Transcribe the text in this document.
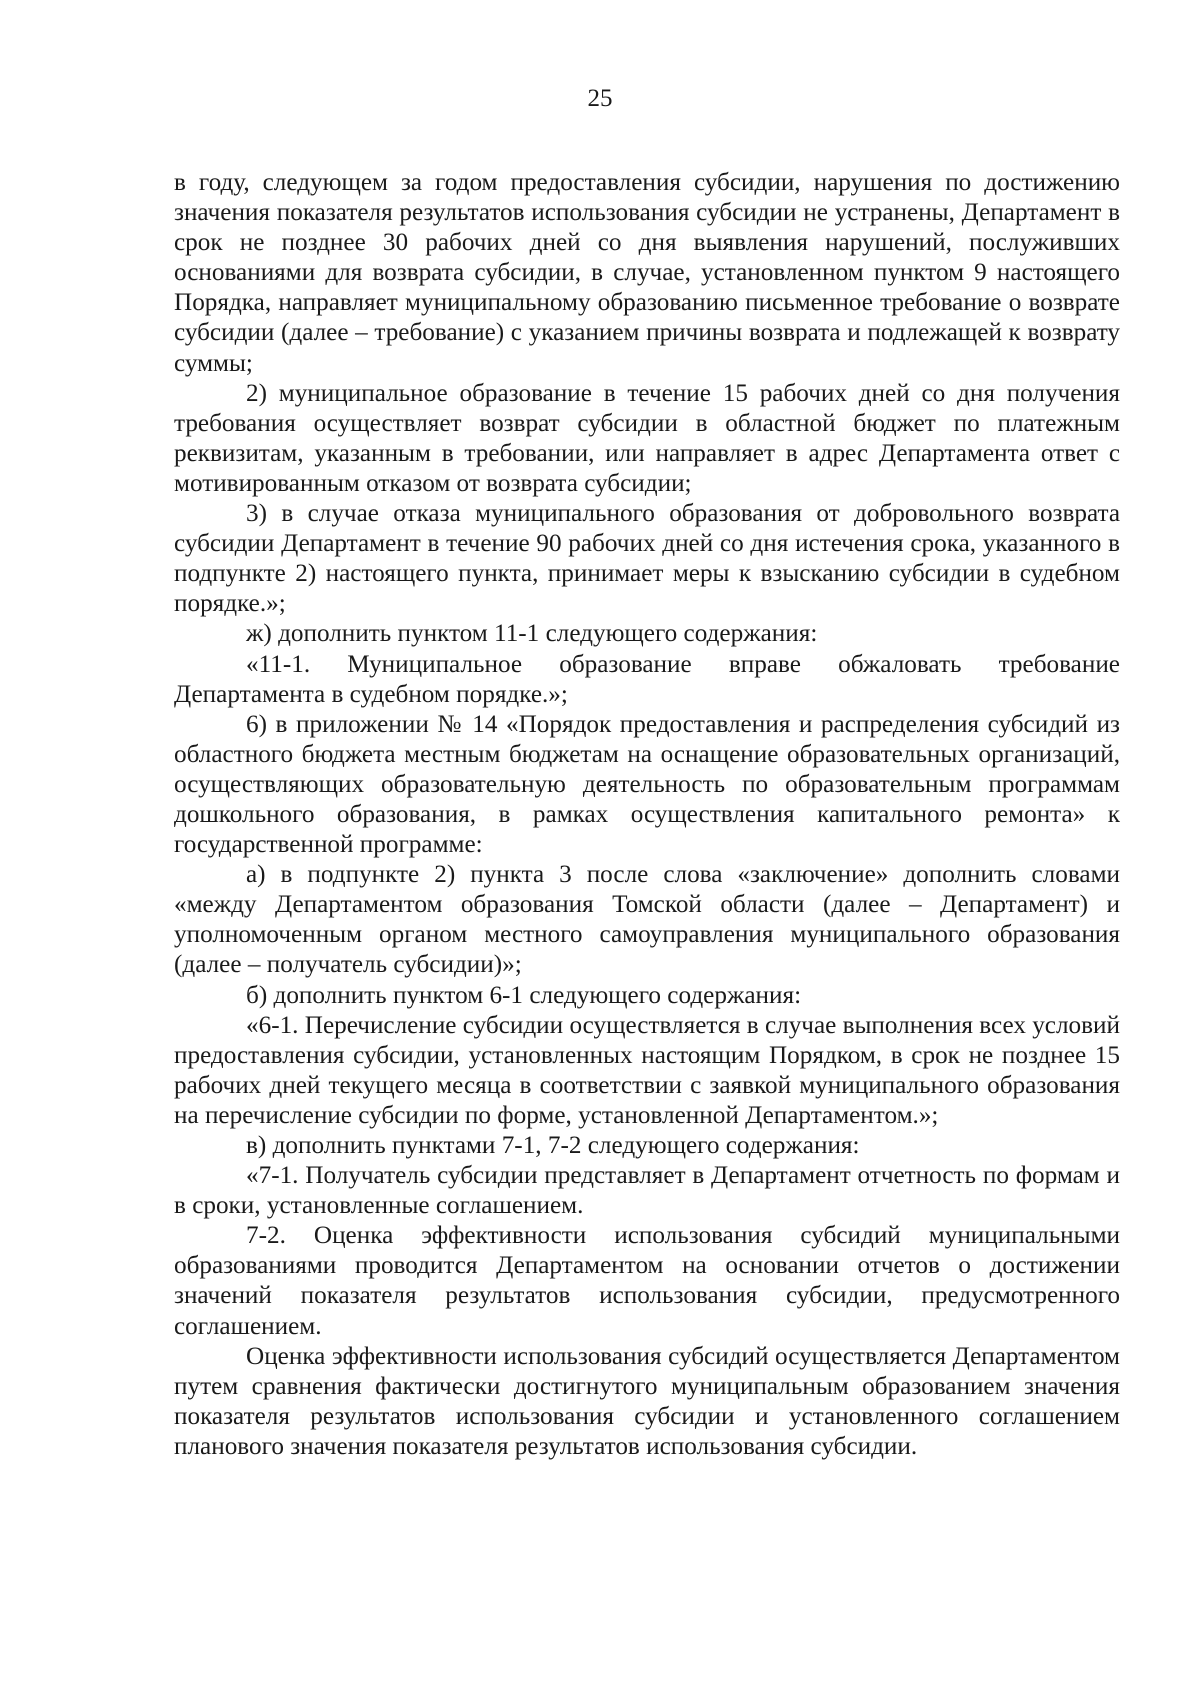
25

в году, следующем за годом предоставления субсидии, нарушения по достижению значения показателя результатов использования субсидии не устранены, Департамент в срок не позднее 30 рабочих дней со дня выявления нарушений, послуживших основаниями для возврата субсидии, в случае, установленном пунктом 9 настоящего Порядка, направляет муниципальному образованию письменное требование о возврате субсидии (далее – требование) с указанием причины возврата и подлежащей к возврату суммы;

2) муниципальное образование в течение 15 рабочих дней со дня получения требования осуществляет возврат субсидии в областной бюджет по платежным реквизитам, указанным в требовании, или направляет в адрес Департамента ответ с мотивированным отказом от возврата субсидии;

3) в случае отказа муниципального образования от добровольного возврата субсидии Департамент в течение 90 рабочих дней со дня истечения срока, указанного в подпункте 2) настоящего пункта, принимает меры к взысканию субсидии в судебном порядке.»;

ж) дополнить пунктом 11-1 следующего содержания:

«11-1. Муниципальное образование вправе обжаловать требование Департамента в судебном порядке.»;

6) в приложении № 14 «Порядок предоставления и распределения субсидий из областного бюджета местным бюджетам на оснащение образовательных организаций, осуществляющих образовательную деятельность по образовательным программам дошкольного образования, в рамках осуществления капитального ремонта» к государственной программе:

а) в подпункте 2) пункта 3 после слова «заключение» дополнить словами «между Департаментом образования Томской области (далее – Департамент) и уполномоченным органом местного самоуправления муниципального образования (далее – получатель субсидии)»;

б) дополнить пунктом 6-1 следующего содержания:

«6-1. Перечисление субсидии осуществляется в случае выполнения всех условий предоставления субсидии, установленных настоящим Порядком, в срок не позднее 15 рабочих дней текущего месяца в соответствии с заявкой муниципального образования на перечисление субсидии по форме, установленной Департаментом.»;

в) дополнить пунктами 7-1, 7-2 следующего содержания:

«7-1. Получатель субсидии представляет в Департамент отчетность по формам и в сроки, установленные соглашением.

7-2. Оценка эффективности использования субсидий муниципальными образованиями проводится Департаментом на основании отчетов о достижении значений показателя результатов использования субсидии, предусмотренного соглашением.

Оценка эффективности использования субсидий осуществляется Департаментом путем сравнения фактически достигнутого муниципальным образованием значения показателя результатов использования субсидии и установленного соглашением планового значения показателя результатов использования субсидии.
